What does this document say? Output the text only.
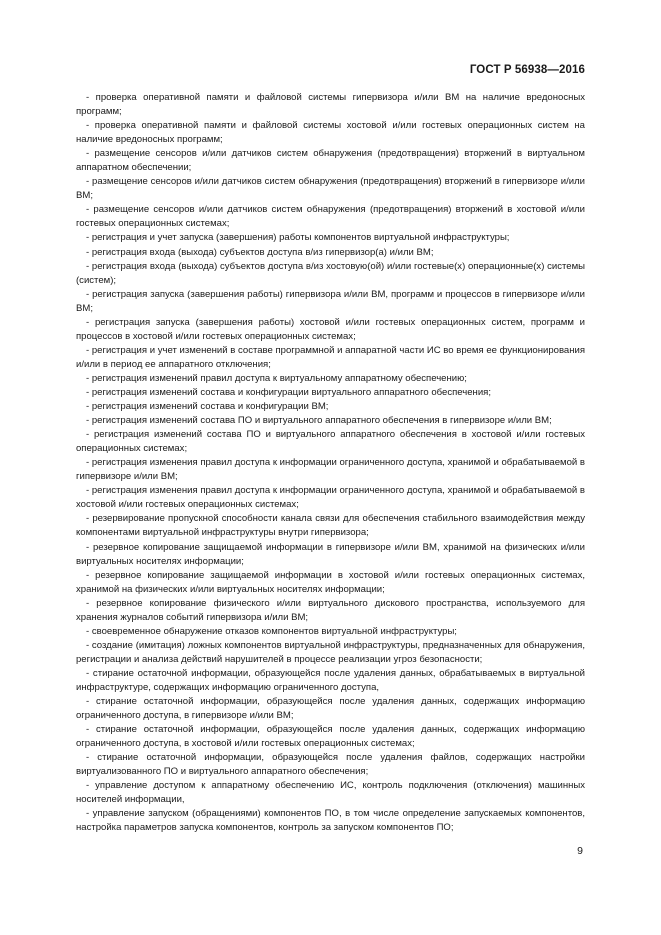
ГОСТ Р 56938—2016
- проверка оперативной памяти и файловой системы гипервизора и/или ВМ на наличие вредоносных программ;
- проверка оперативной памяти и файловой системы хостовой и/или гостевых операционных систем на наличие вредоносных программ;
- размещение сенсоров и/или датчиков систем обнаружения (предотвращения) вторжений в виртуальном аппаратном обеспечении;
- размещение сенсоров и/или датчиков систем обнаружения (предотвращения) вторжений в гипервизоре и/или ВМ;
- размещение сенсоров и/или датчиков систем обнаружения (предотвращения) вторжений в хостовой и/или гостевых операционных системах;
- регистрация и учет запуска (завершения) работы компонентов виртуальной инфраструктуры;
- регистрация входа (выхода) субъектов доступа в/из гипервизор(а) и/или ВМ;
- регистрация входа (выхода) субъектов доступа в/из хостовую(ой) и/или гостевые(х) операционные(х) системы (систем);
- регистрация запуска (завершения работы) гипервизора и/или ВМ, программ и процессов в гипервизоре и/или ВМ;
- регистрация запуска (завершения работы) хостовой и/или гостевых операционных систем, программ и процессов в хостовой и/или гостевых операционных системах;
- регистрация и учет изменений в составе программной и аппаратной части ИС во время ее функционирования и/или в период ее аппаратного отключения;
- регистрация изменений правил доступа к виртуальному аппаратному обеспечению;
- регистрация изменений состава и конфигурации виртуального аппаратного обеспечения;
- регистрация изменений состава и конфигурации ВМ;
- регистрация изменений состава ПО и виртуального аппаратного обеспечения в гипервизоре и/или ВМ;
- регистрация изменений состава ПО и виртуального аппаратного обеспечения в хостовой и/или гостевых операционных системах;
- регистрация изменения правил доступа к информации ограниченного доступа, хранимой и обрабатываемой в гипервизоре и/или ВМ;
- регистрация изменения правил доступа к информации ограниченного доступа, хранимой и обрабатываемой в хостовой и/или гостевых операционных системах;
- резервирование пропускной способности канала связи для обеспечения стабильного взаимодействия между компонентами виртуальной инфраструктуры внутри гипервизора;
- резервное копирование защищаемой информации в гипервизоре и/или ВМ, хранимой на физических и/или виртуальных носителях информации;
- резервное копирование защищаемой информации в хостовой и/или гостевых операционных системах, хранимой на физических и/или виртуальных носителях информации;
- резервное копирование физического и/или виртуального дискового пространства, используемого для хранения журналов событий гипервизора и/или ВМ;
- своевременное обнаружение отказов компонентов виртуальной инфраструктуры;
- создание (имитация) ложных компонентов виртуальной инфраструктуры, предназначенных для обнаружения, регистрации и анализа действий нарушителей в процессе реализации угроз безопасности;
- стирание остаточной информации, образующейся после удаления данных, обрабатываемых в виртуальной инфраструктуре, содержащих информацию ограниченного доступа,
- стирание остаточной информации, образующейся после удаления данных, содержащих информацию ограниченного доступа, в гипервизоре и/или ВМ;
- стирание остаточной информации, образующейся после удаления данных, содержащих информацию ограниченного доступа, в хостовой и/или гостевых операционных системах;
- стирание остаточной информации, образующейся после удаления файлов, содержащих настройки виртуализованного ПО и виртуального аппаратного обеспечения;
- управление доступом к аппаратному обеспечению ИС, контроль подключения (отключения) машинных носителей информации,
- управление запуском (обращениями) компонентов ПО, в том числе определение запускаемых компонентов, настройка параметров запуска компонентов, контроль за запуском компонентов ПО;
9
